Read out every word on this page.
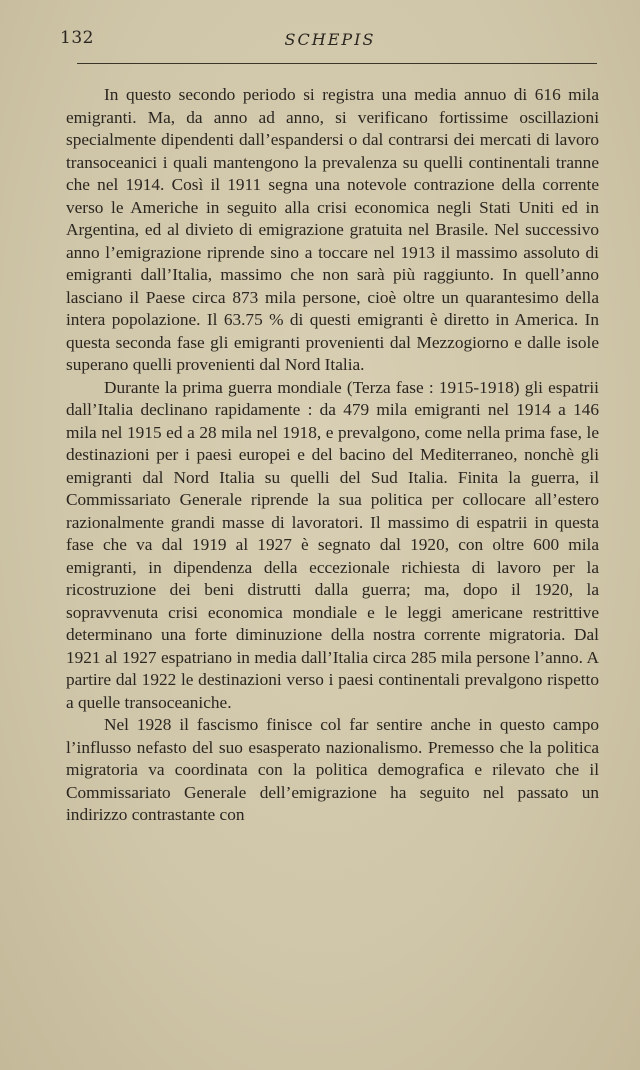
132	SCHEPIS

In questo secondo periodo si registra una media annuo di 616 mila emigranti. Ma, da anno ad anno, si verificano fortissime oscillazioni specialmente dipendenti dall’espandersi o dal contrarsi dei mercati di lavoro transoceanici i quali mantengono la prevalenza su quelli continentali tranne che nel 1914. Così il 1911 segna una notevole contrazione della corrente verso le Americhe in seguito alla crisi economica negli Stati Uniti ed in Argentina, ed al divieto di emigrazione gratuita nel Brasile. Nel successivo anno l’emigrazione riprende sino a toccare nel 1913 il massimo assoluto di emigranti dall’Italia, massimo che non sarà più raggiunto. In quell’anno lasciano il Paese circa 873 mila persone, cioè oltre un quarantesimo della intera popolazione. Il 63.75 % di questi emigranti è diretto in America. In questa seconda fase gli emigranti provenienti dal Mezzogiorno e dalle isole superano quelli provenienti dal Nord Italia.

Durante la prima guerra mondiale (Terza fase : 1915-1918) gli espatrii dall’Italia declinano rapidamente : da 479 mila emigranti nel 1914 a 146 mila nel 1915 ed a 28 mila nel 1918, e prevalgono, come nella prima fase, le destinazioni per i paesi europei e del bacino del Mediterraneo, nonchè gli emigranti dal Nord Italia su quelli del Sud Italia. Finita la guerra, il Commissariato Generale riprende la sua politica per collocare all’estero razionalmente grandi masse di lavoratori. Il massimo di espatrii in questa fase che va dal 1919 al 1927 è segnato dal 1920, con oltre 600 mila emigranti, in dipendenza della eccezionale richiesta di lavoro per la ricostruzione dei beni distrutti dalla guerra; ma, dopo il 1920, la sopravvenuta crisi economica mondiale e le leggi americane restrittive determinano una forte diminuzione della nostra corrente migratoria. Dal 1921 al 1927 espatriano in media dall’Italia circa 285 mila persone l’anno. A partire dal 1922 le destinazioni verso i paesi continentali prevalgono rispetto a quelle transoceaniche.

Nel 1928 il fascismo finisce col far sentire anche in questo campo l’influsso nefasto del suo esasperato nazionalismo. Premesso che la politica migratoria va coordinata con la politica demografica e rilevato che il Commissariato Generale dell’emigrazione ha seguito nel passato un indirizzo contrastante con
